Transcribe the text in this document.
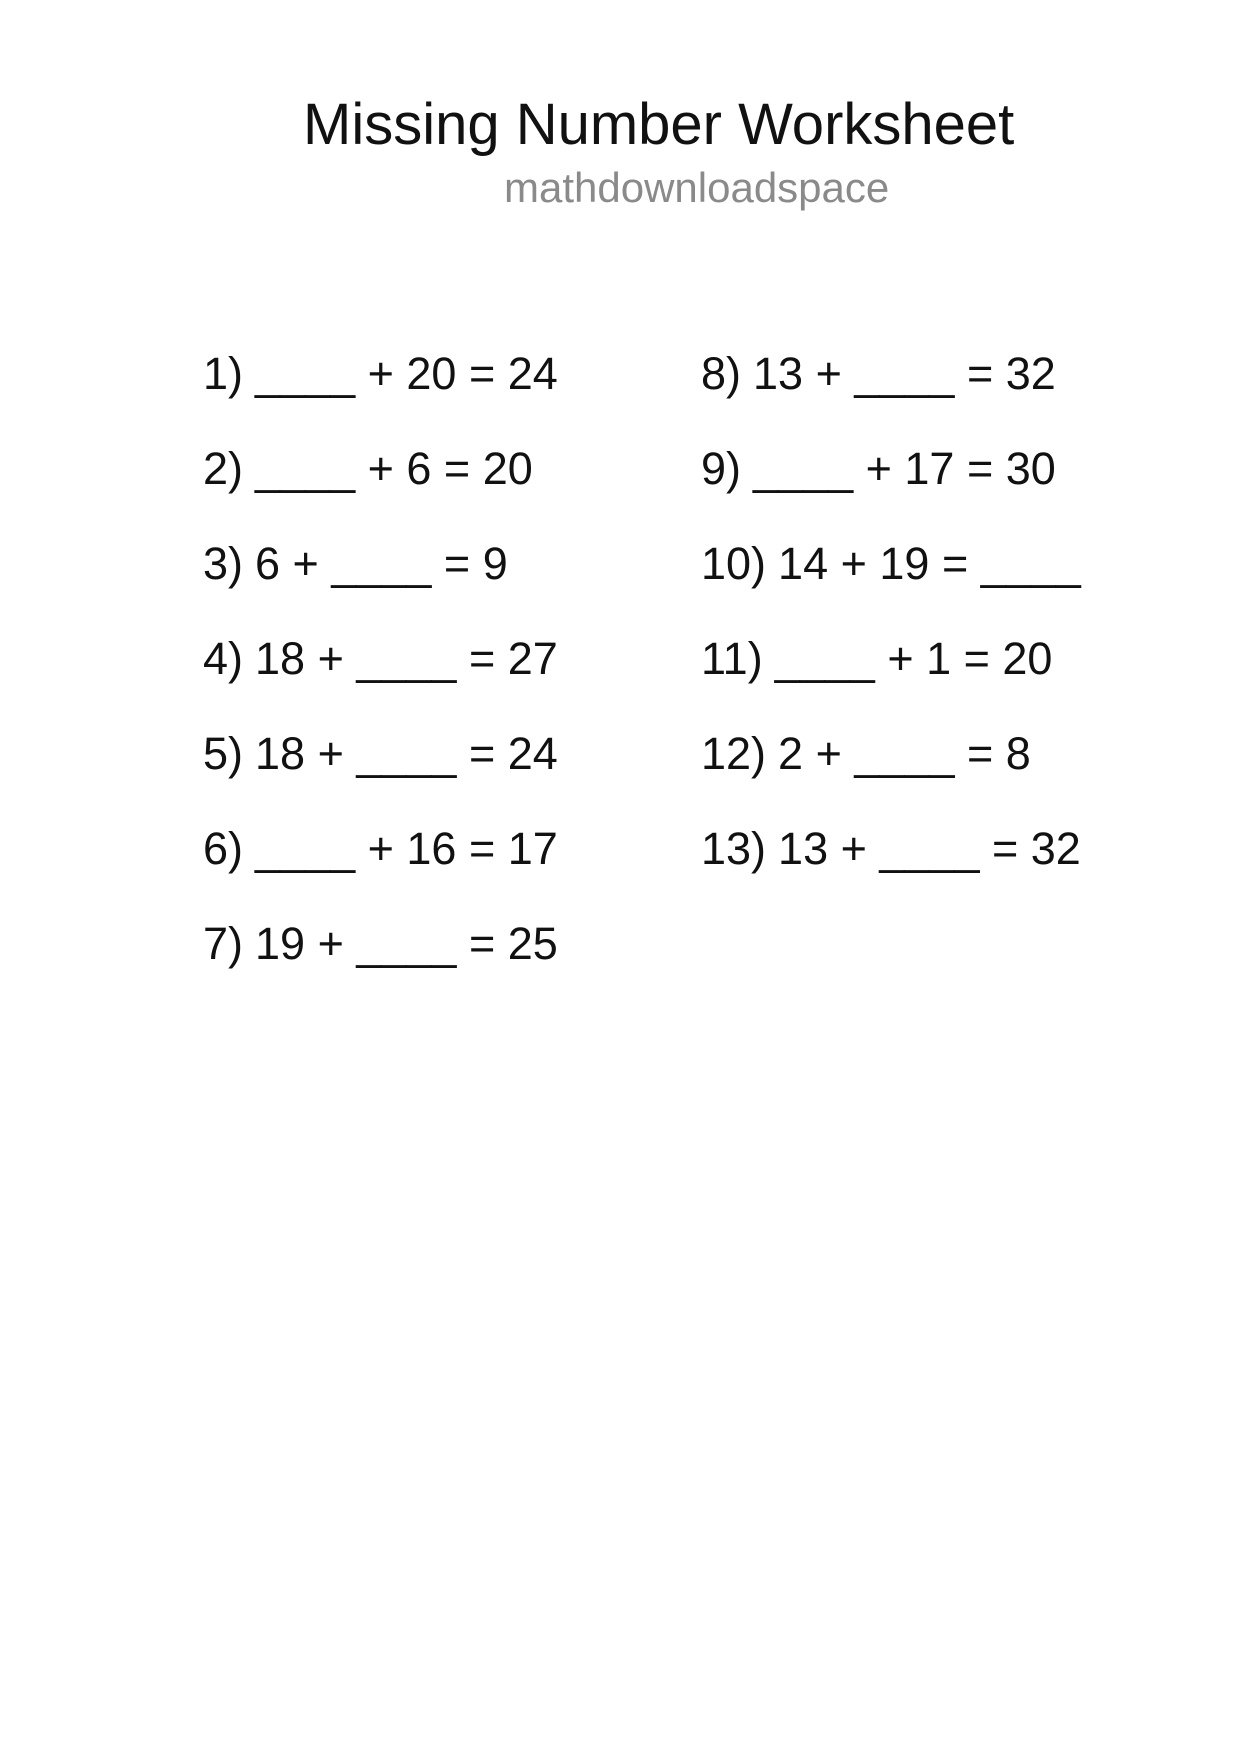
Missing Number Worksheet
mathdownloadspace
1) ____ + 20 = 24
2) ____ + 6 = 20
3) 6 + ____ = 9
4) 18 + ____ = 27
5) 18 + ____ = 24
6) ____ + 16 = 17
7) 19 + ____ = 25
8) 13 + ____ = 32
9) ____ + 17 = 30
10) 14 + 19 = ____
11) ____ + 1 = 20
12) 2 + ____ = 8
13) 13 + ____ = 32
